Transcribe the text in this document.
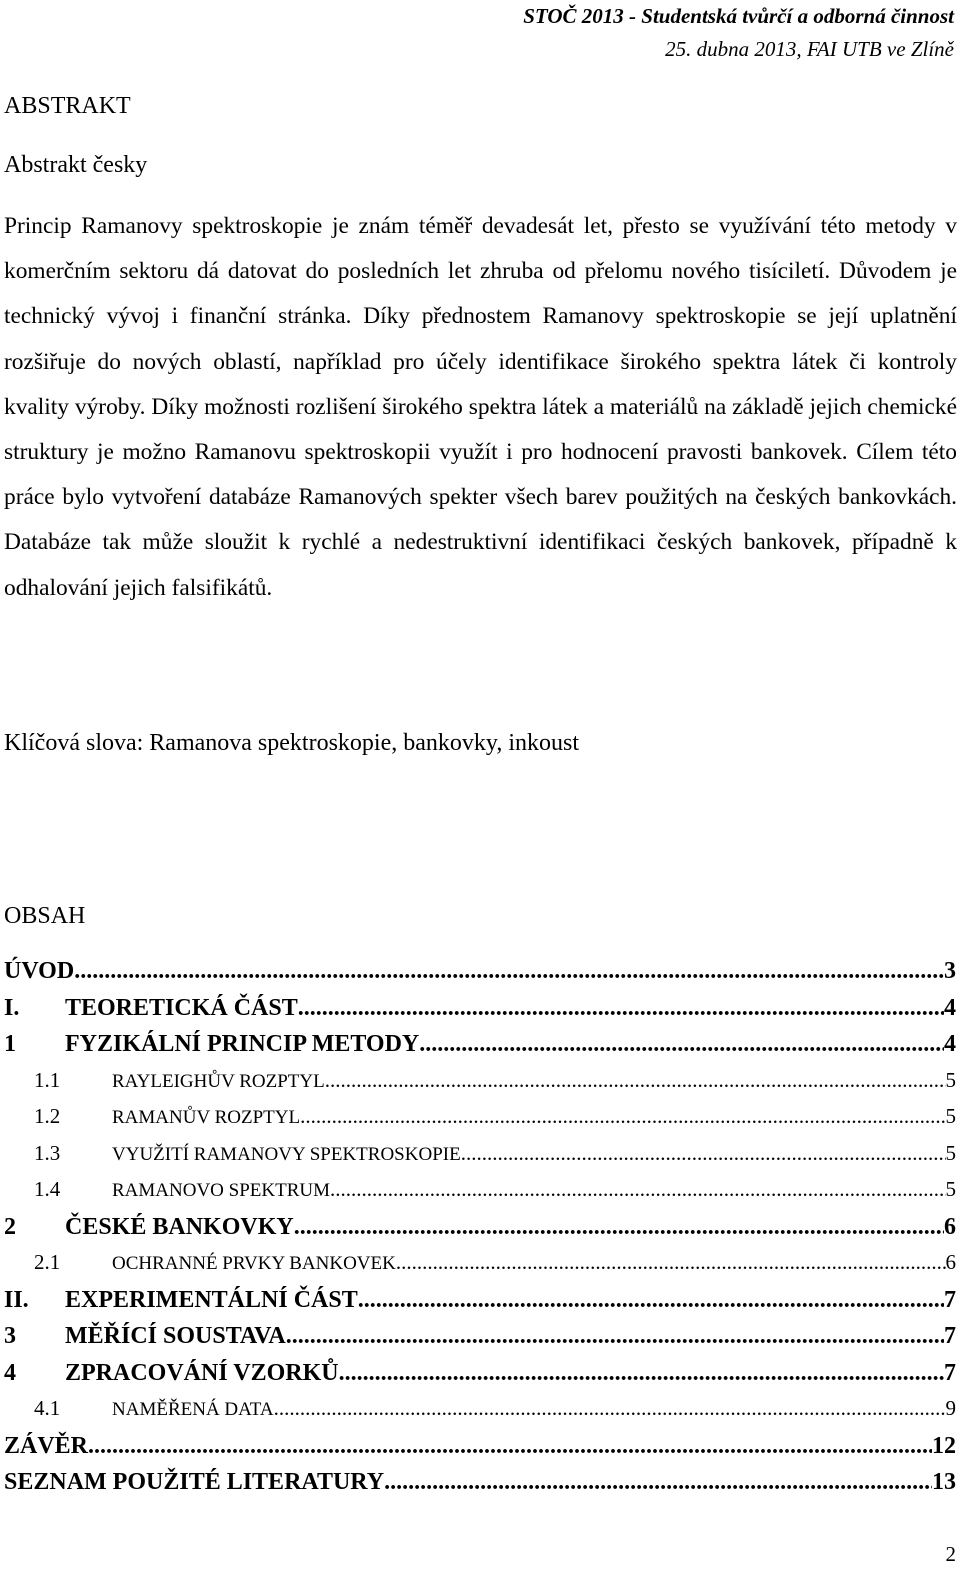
STOČ 2013 - Studentská tvůrčí a odborná činnost
25. dubna 2013, FAI UTB ve Zlíně
ABSTRAKT
Abstrakt česky

Princip Ramanovy spektroskopie je znám téměř devadesát let, přesto se využívání této metody v komerčním sektoru dá datovat do posledních let zhruba od přelomu nového tisíciletí. Důvodem je technický vývoj i finanční stránka. Díky přednostem Ramanovy spektroskopie se její uplatnění rozšiřuje do nových oblastí, například pro účely identifikace širokého spektra látek či kontroly kvality výroby. Díky možnosti rozlišení širokého spektra látek a materiálů na základě jejich chemické struktury je možno Ramanovu spektroskopii využít i pro hodnocení pravosti bankovek. Cílem této práce bylo vytvoření databáze Ramanových spekter všech barev použitých na českých bankovkách. Databáze tak může sloužit k rychlé a nedestruktivní identifikaci českých bankovek, případně k odhalování jejich falsifikátů.

Klíčová slova: Ramanova spektroskopie, bankovky, inkoust
OBSAH
ÚVOD .....	3
I.	TEORETICKÁ ČÁST .....	4
1	FYZIKÁLNÍ PRINCIP METODY .....	4
1.1	RAYLEIGHŮV ROZPTYL .....	5
1.2	RAMANŮV ROZPTYL .....	5
1.3	VYUŽITÍ RAMANOVY SPEKTROSKOPIE .....	5
1.4	RAMANOVO SPEKTRUM .....	5
2	ČESKÉ BANKOVKY .....	6
2.1	OCHRANNÉ PRVKY BANKOVEK .....	6
II.	EXPERIMENTÁLNÍ ČÁST .....	7
3	MĚŘÍCÍ SOUSTAVA .....	7
4	ZPRACOVÁNÍ VZORKŮ .....	7
4.1	NAMĚŘENÁ DATA .....	9
ZÁVĚR .....	12
SEZNAM POUŽITÉ LITERATURY .....	13
2
